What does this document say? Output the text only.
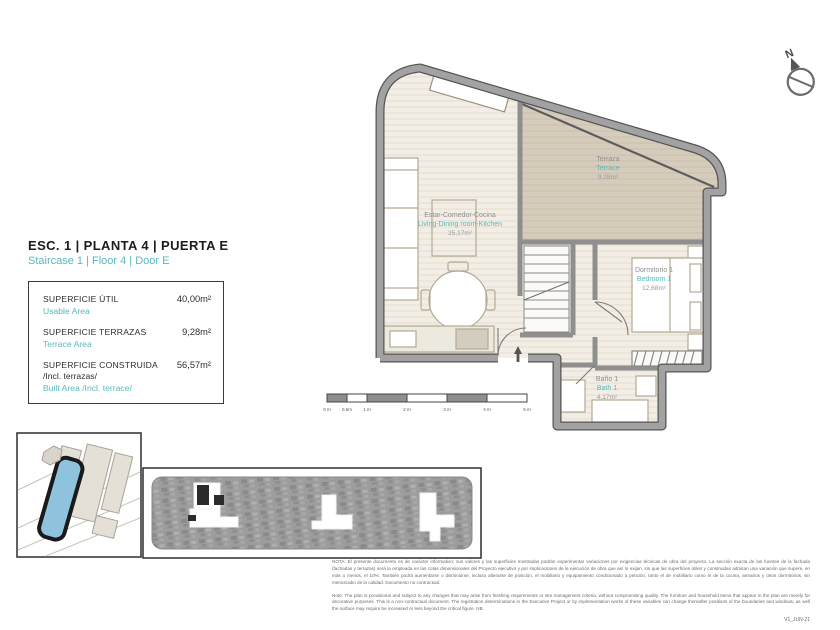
ESC. 1 | PLANTA 4 | PUERTA E
Staircase 1 | Floor 4 | Door E
SUPERFICIE ÚTIL	40,00m²
Usable Area
SUPERFICIE TERRAZAS	9,28m²
Terrace Area
SUPERFICIE CONSTRUIDA	56,57m²
/Incl. terrazas/
Built Area /Incl. terrace/
N
Estar-Comedor-Cocina
Living-Dining room-Kitchen
25,17m²
Terraza
Terrace
9,28m²
Dormitorio 1
Bedroom 1
12,68m²
Baño 1
Bath 1
4,17m²
0 m 0.5m 1 m	2 m	3 m	4 m	5 m

NOTA: El presente documento es de carácter informativo; sus valores y las superficies mostradas podrán experimentar variaciones por exigencias técnicas de obra del proyecto. La sección exacta de las fuentes de la fachada (fachadas y terrazas) será la empleada en las cotas dimensionales del Proyecto ejecutivo y por implicaciones de la ejecución de obra que así lo exijan, sin que las superficies útiles y construidas admitan una variación que supere, en más o menos, el 10%. También podrá aumentarse o disminuirse, incluso alterarse de posición, el mobiliario y equipamiento condicionado a petición, tanto el de mobiliario como el de la cocina, armarios y otros dormitorios, sin menoscabo de la calidad. Documento no contractual.

Note: The plan is provisional and subject to any changes that may arise from finishing requirements or site management criteria, without compromising quality. The furniture and household items that appear in the plan are merely for decorative purposes. This is a non-contractual document. The registration determinations in the Executive Project or by implementation works of these variables can change thereafter positions of the boundaries and windows, as well the surface may require be increased or less beyond the critical figure. NB.

V1_JUN-21
